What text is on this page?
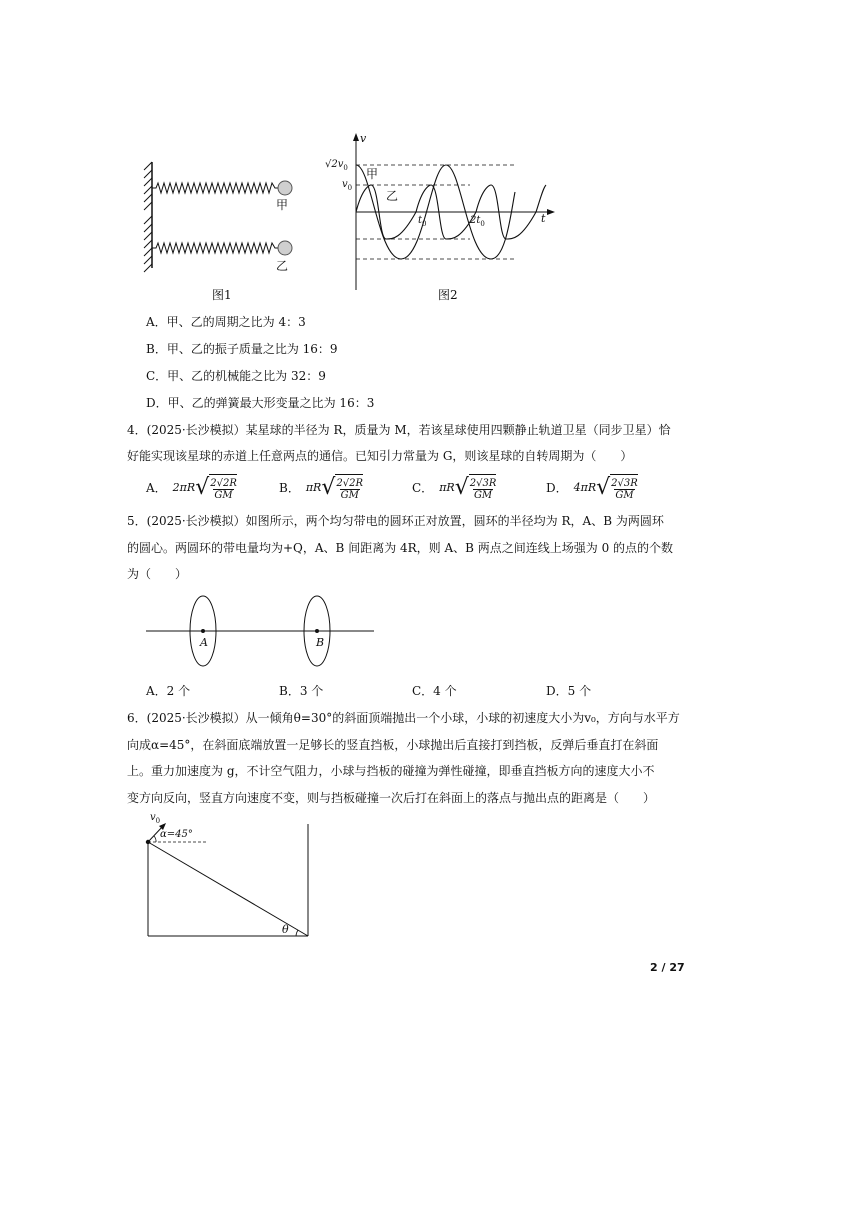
甲
乙
图1
v
t
$√2v_0$
$v_0$
甲
乙
$t_0$	$2t_0$
图2
A．甲、乙的周期之比为 4：3
B．甲、乙的振子质量之比为 16：9
C．甲、乙的机械能之比为 32：9
D．甲、乙的弹簧最大形变量之比为 16：3
4．(2025·长沙模拟）某星球的半径为 R，质量为 M，若该星球使用四颗静止轨道卫星（同步卫星）恰
好能实现该星球的赤道上任意两点的通信。已知引力常量为 G，则该星球的自转周期为（　　）
A． 2πR √ $\frac{2√2R}{GM}$	B． πR √ $\frac{2√2R}{GM}$	C． πR √ $\frac{2√3R}{GM}$	D． 4πR √ $\frac{2√3R}{GM}$
5．(2025·长沙模拟）如图所示，两个均匀带电的圆环正对放置，圆环的半径均为 R，A、B 为两圆环
的圆心。两圆环的带电量均为+Q，A、B 间距离为 4R，则 A、B 两点之间连线上场强为 0 的点的个数
为（　　）
A	B
A．2 个	B．3 个	C．4 个	D．5 个
6．(2025·长沙模拟）从一倾角θ=30°的斜面顶端抛出一个小球，小球的初速度大小为v₀，方向与水平方
向成α=45°，在斜面底端放置一足够长的竖直挡板，小球抛出后直接打到挡板，反弹后垂直打在斜面
上。重力加速度为 g，不计空气阻力，小球与挡板的碰撞为弹性碰撞，即垂直挡板方向的速度大小不
变方向反向，竖直方向速度不变，则与挡板碰撞一次后打在斜面上的落点与抛出点的距离是（　　）
$v_0$
α=45°
θ
2 / 27
